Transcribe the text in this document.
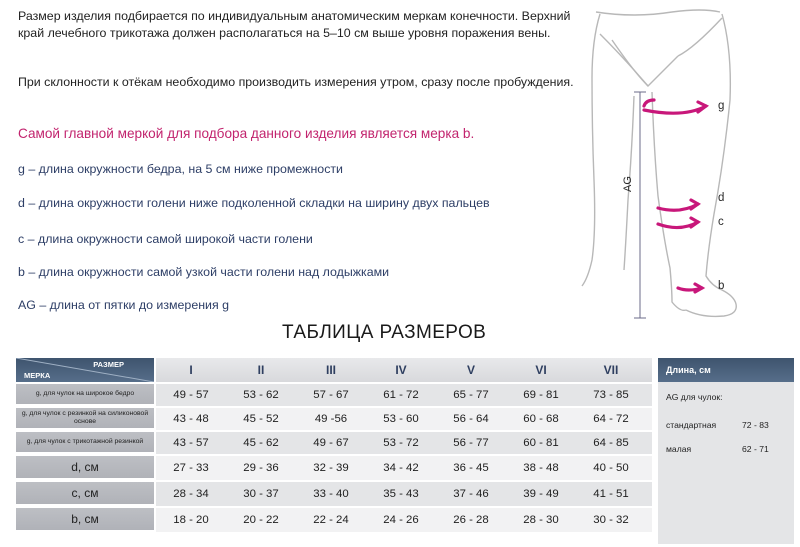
Размер изделия подбирается по индивидуальным анатомическим меркам конечности. Верхний край лечебного трикотажа должен располагаться на 5–10 см выше уровня поражения вены.

При склонности к отёкам необходимо производить измерения утром, сразу после пробуждения.

Самой главной меркой для подбора данного изделия является мерка b.
g – длина окружности бедра, на 5 см ниже промежности
d – длина окружности голени ниже подколенной складки на ширину двух пальцев
c – длина окружности самой широкой части голени
b – длина окружности самой узкой части голени над лодыжками
AG – длина от пятки до измерения g
g
d
c
b
AG
ТАБЛИЦА РАЗМЕРОВ
РАЗМЕР
МЕРКА	I	II	III	IV	V	VI	VII
g, для чулок на широкое бедро	49 - 57	53 - 62	57 - 67	61 - 72	65 - 77	69 - 81	73 - 85
g, для чулок с резинкой на силиконовой основе	43 - 48	45 - 52	49 -56	53 - 60	56 - 64	60 - 68	64 - 72
g, для чулок с трикотажной резинкой	43 - 57	45 - 62	49 - 67	53 - 72	56 - 77	60 - 81	64 - 85
d, см	27 - 33	29 - 36	32 - 39	34 - 42	36 - 45	38 - 48	40 - 50
c, см	28 - 34	30 - 37	33 - 40	35 - 43	37 - 46	39 - 49	41 - 51
b, см	18 - 20	20 - 22	22 - 24	24 - 26	26 - 28	28 - 30	30 - 32
Длина, см
AG для чулок:
стандартная	72 - 83
малая	62 - 71
